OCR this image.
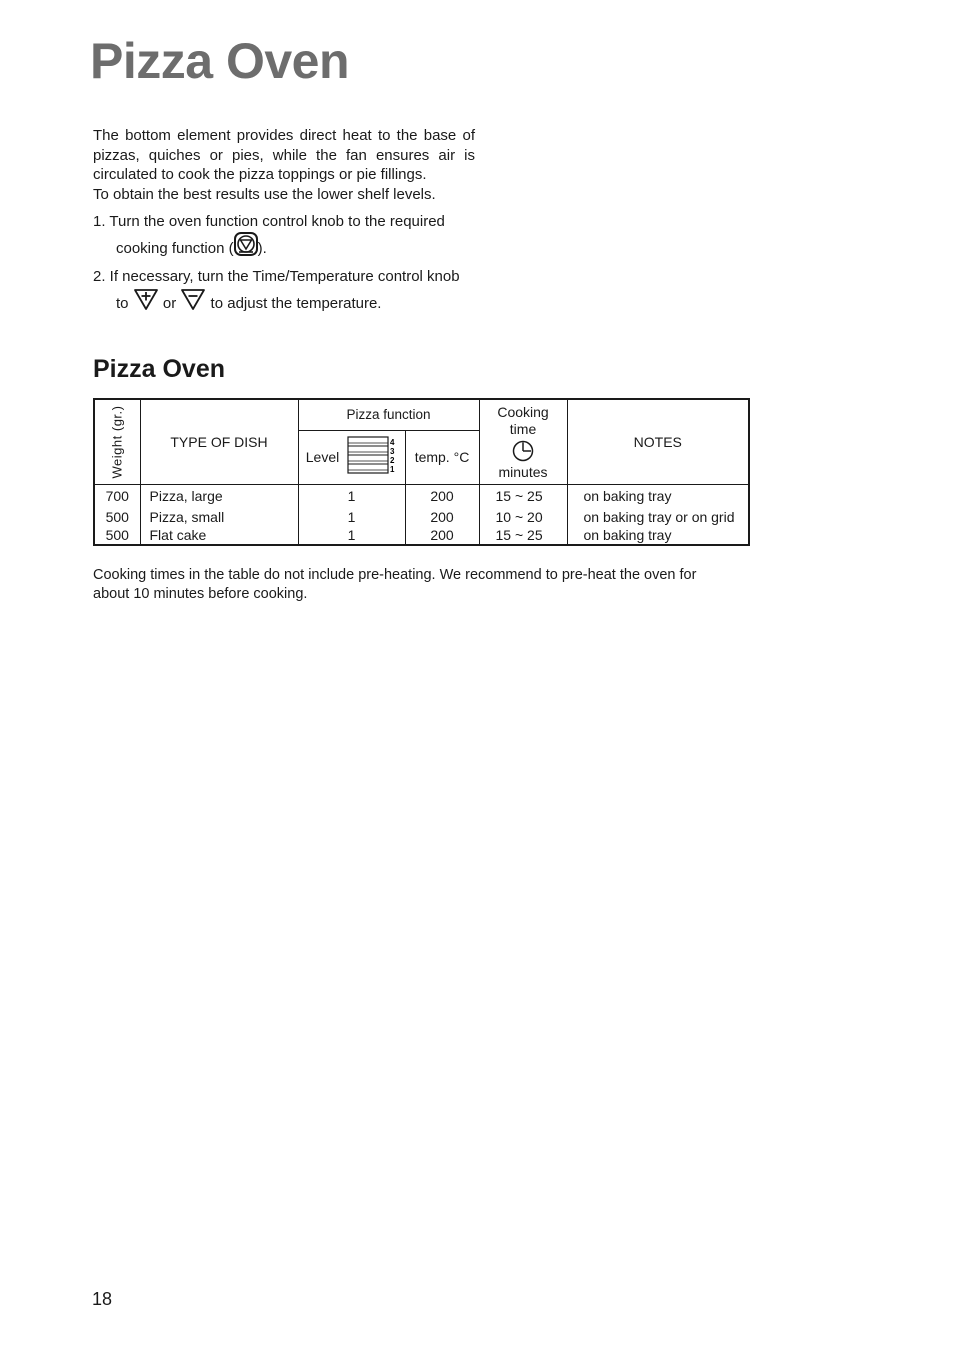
Pizza Oven

The bottom element provides direct heat to the base of pizzas, quiches or pies, while the fan ensures air is circulated to cook the pizza toppings or pie fillings.

To obtain the best results use the lower shelf levels.

1. Turn the oven function control knob to the required
cooking function ( ).
2. If necessary, turn the Time/Temperature control knob
to

or

to adjust the temperature.
Pizza Oven
Weight (gr.)	TYPE OF DISH	Pizza function		Cooking
time
minutes	NOTES

		Level
4
3
2
1	temp. °C		
700	Pizza, large	1	200	15 ~ 25	on baking tray
500	Pizza, small	1	200	10 ~ 20	on baking tray or on grid
500	Flat cake	1	200	15 ~ 25	on baking tray
Cooking times in the table do not include pre-heating. We recommend to pre-heat the oven for about 10 minutes before cooking.
18
